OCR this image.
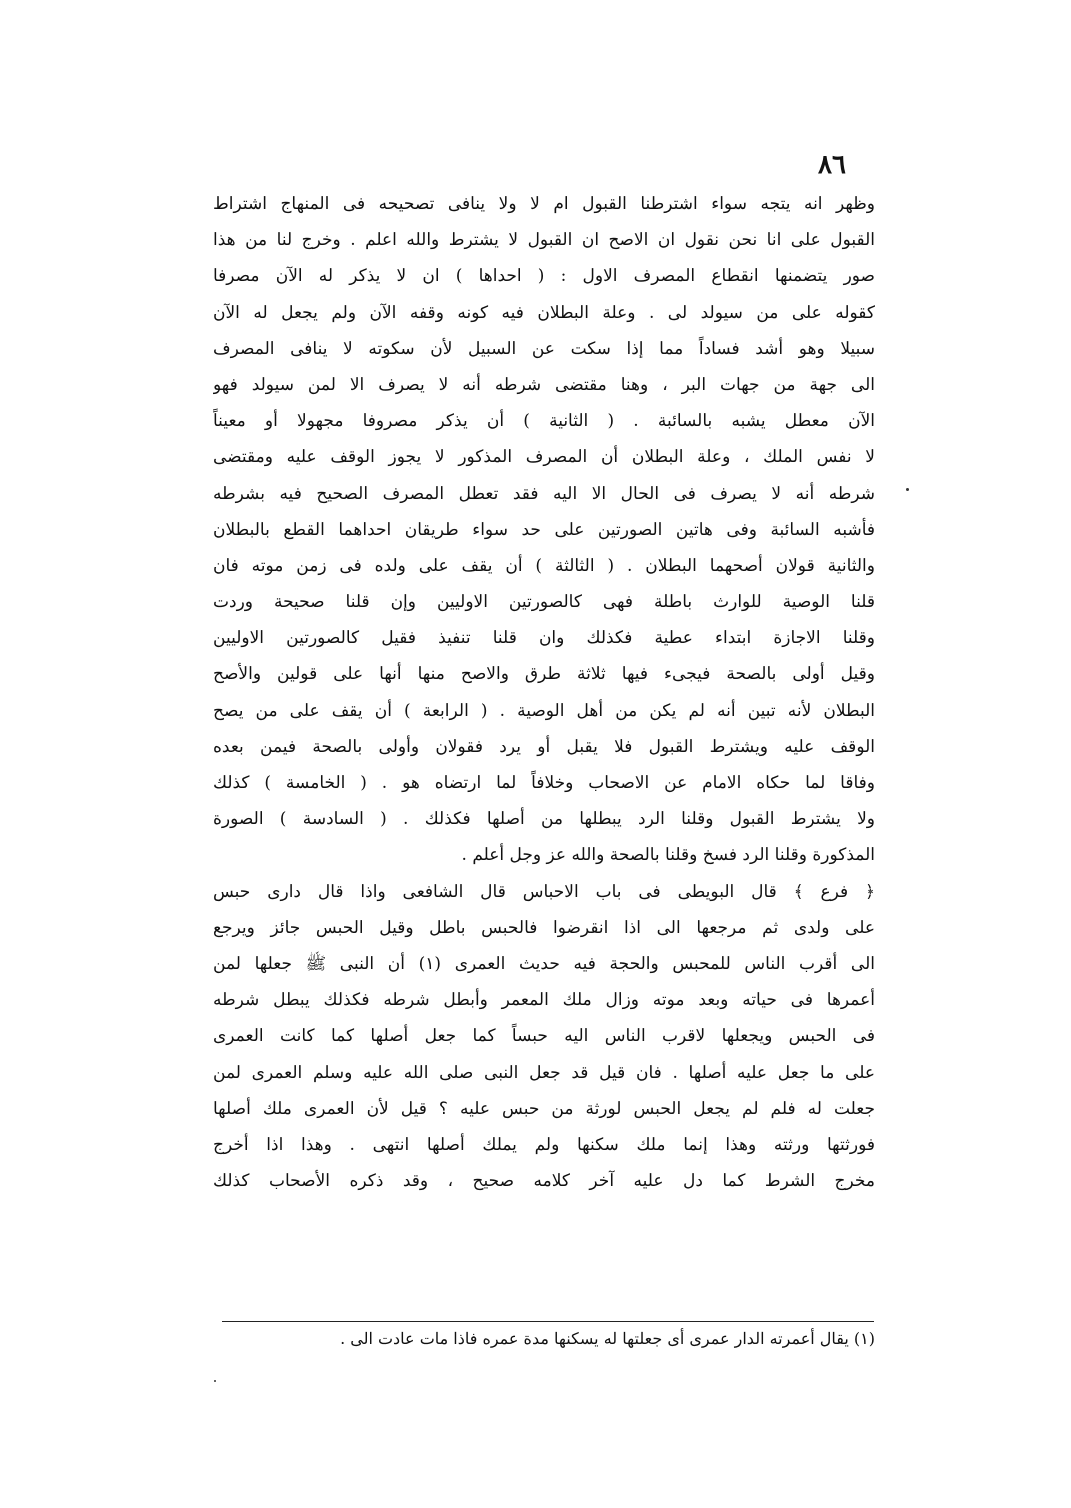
٨٦
وظهر انه يتجه سواء اشترطنا القبول ام لا ولا ينافى تصحيحه فى المنهاج اشتراط
القبول على انا نحن نقول ان الاصح ان القبول لا يشترط والله اعلم . وخرج لنا من هذا
صور يتضمنها انقطاع المصرف الاول : ( احداها ) ان لا يذكر له الآن مصرفا
كقوله على من سيولد لى . وعلة البطلان فيه كونه وقفه الآن ولم يجعل له الآن
سبيلا وهو أشد فساداً مما إذا سكت عن السبيل لأن سكوته لا ينافى المصرف
الى جهة من جهات البر ، وهنا مقتضى شرطه أنه لا يصرف الا لمن سيولد فهو
الآن معطل يشبه بالسائبة . ( الثانية ) أن يذكر مصروفا مجهولا أو معيناً
لا نفس الملك ، وعلة البطلان أن المصرف المذكور لا يجوز الوقف عليه ومقتضى
شرطه أنه لا يصرف فى الحال الا اليه فقد تعطل المصرف الصحيح فيه بشرطه
فأشبه السائبة وفى هاتين الصورتين على حد سواء طريقان احداهما القطع بالبطلان
والثانية قولان أصحهما البطلان . ( الثالثة ) أن يقف على ولده فى زمن موته فان
قلنا الوصية للوارث باطلة فهى كالصورتين الاوليين وإن قلنا صحيحة وردت
وقلنا الاجازة ابتداء عطية فكذلك وان قلنا تنفيذ فقيل كالصورتين الاوليين
وقيل أولى بالصحة فيجىء فيها ثلاثة طرق والاصح منها أنها على قولين والأصح
البطلان لأنه تبين أنه لم يكن من أهل الوصية . ( الرابعة ) أن يقف على من يصح
الوقف عليه ويشترط القبول فلا يقبل أو يرد فقولان وأولى بالصحة فيمن بعده
وفاقا لما حكاه الامام عن الاصحاب وخلافاً لما ارتضاه هو . ( الخامسة ) كذلك
ولا يشترط القبول وقلنا الرد يبطلها من أصلها فكذلك . ( السادسة ) الصورة
المذكورة وقلنا الرد فسخ وقلنا بالصحة والله عز وجل أعلم .
﴿ فرع ﴾ قال البويطى فى باب الاحباس قال الشافعى واذا قال دارى حبس
على ولدى ثم مرجعها الى اذا انقرضوا فالحبس باطل وقيل الحبس جائز ويرجع
الى أقرب الناس للمحبس والحجة فيه حديث العمرى (١) أن النبى ﷺ جعلها لمن
أعمرها فى حياته وبعد موته وزال ملك المعمر وأبطل شرطه فكذلك يبطل شرطه
فى الحبس ويجعلها لاقرب الناس اليه حبساً كما جعل أصلها كما كانت العمرى
على ما جعل عليه أصلها . فان قيل قد جعل النبى صلى الله عليه وسلم العمرى لمن
جعلت له فلم لم يجعل الحبس لورثة من حبس عليه ؟ قيل لأن العمرى ملك أصلها
فورثتها ورثته وهذا إنما ملك سكنها ولم يملك أصلها انتهى . وهذا اذا أخرج
مخرج الشرط كما دل عليه آخر كلامه صحيح ، وقد ذكره الأصحاب كذلك
(١) يقال أعمرته الدار عمرى أى جعلتها له يسكنها مدة عمره فاذا مات عادت الى .
